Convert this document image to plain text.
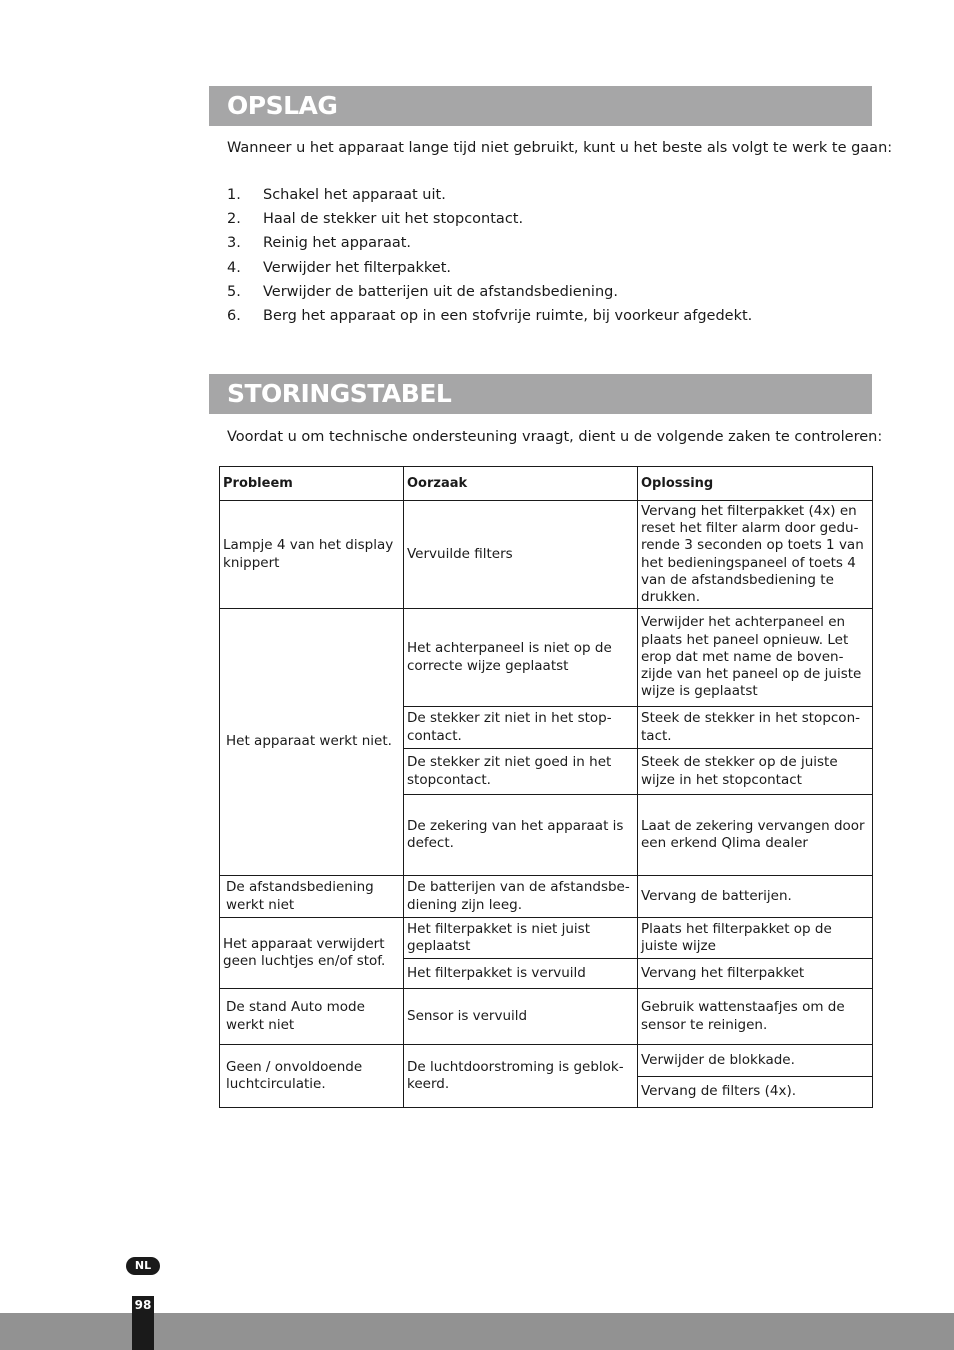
OPSLAG

Wanneer u het apparaat lange tijd niet gebruikt, kunt u het beste als volgt te werk te gaan:

1. Schakel het apparaat uit.
2. Haal de stekker uit het stopcontact.
3. Reinig het apparaat.
4. Verwijder het filterpakket.
5. Verwijder de batterijen uit de afstandsbediening.
6. Berg het apparaat op in een stofvrije ruimte, bij voorkeur afgedekt.
STORINGSTABEL

Voordat u om technische ondersteuning vraagt, dient u de volgende zaken te controleren:

Probleem	Oorzaak	Oplossing
Lampje 4 van het display knippert	Vervuilde filters	Vervang het filterpakket (4x) en reset het filter alarm door gedu-rende 3 seconden op toets 1 van het bedieningspaneel of toets 4 van de afstandsbediening te drukken.
Het apparaat werkt niet.	Het achterpaneel is niet op de correcte wijze geplaatst	Verwijder het achterpaneel en plaats het paneel opnieuw. Let erop dat met name de boven-zijde van het paneel op de juiste wijze is geplaatst
	De stekker zit niet in het stop-contact.	Steek de stekker in het stopcon-tact.
	De stekker zit niet goed in het stopcontact.	Steek de stekker op de juiste wijze in het stopcontact
	De zekering van het apparaat is defect.	Laat de zekering vervangen door een erkend Qlima dealer
De afstandsbediening werkt niet	De batterijen van de afstandsbe-diening zijn leeg.	Vervang de batterijen.
Het apparaat verwijdert geen luchtjes en/of stof.	Het filterpakket is niet juist geplaatst	Plaats het filterpakket op de juiste wijze
	Het filterpakket is vervuild	Vervang het filterpakket
De stand Auto mode werkt niet	Sensor is vervuild	Gebruik wattenstaafjes om de sensor te reinigen.
Geen / onvoldoende luchtcirculatie.	De luchtdoorstroming is geblok-keerd.	Verwijder de blokkade.
		Vervang de filters (4x).
NL
98
